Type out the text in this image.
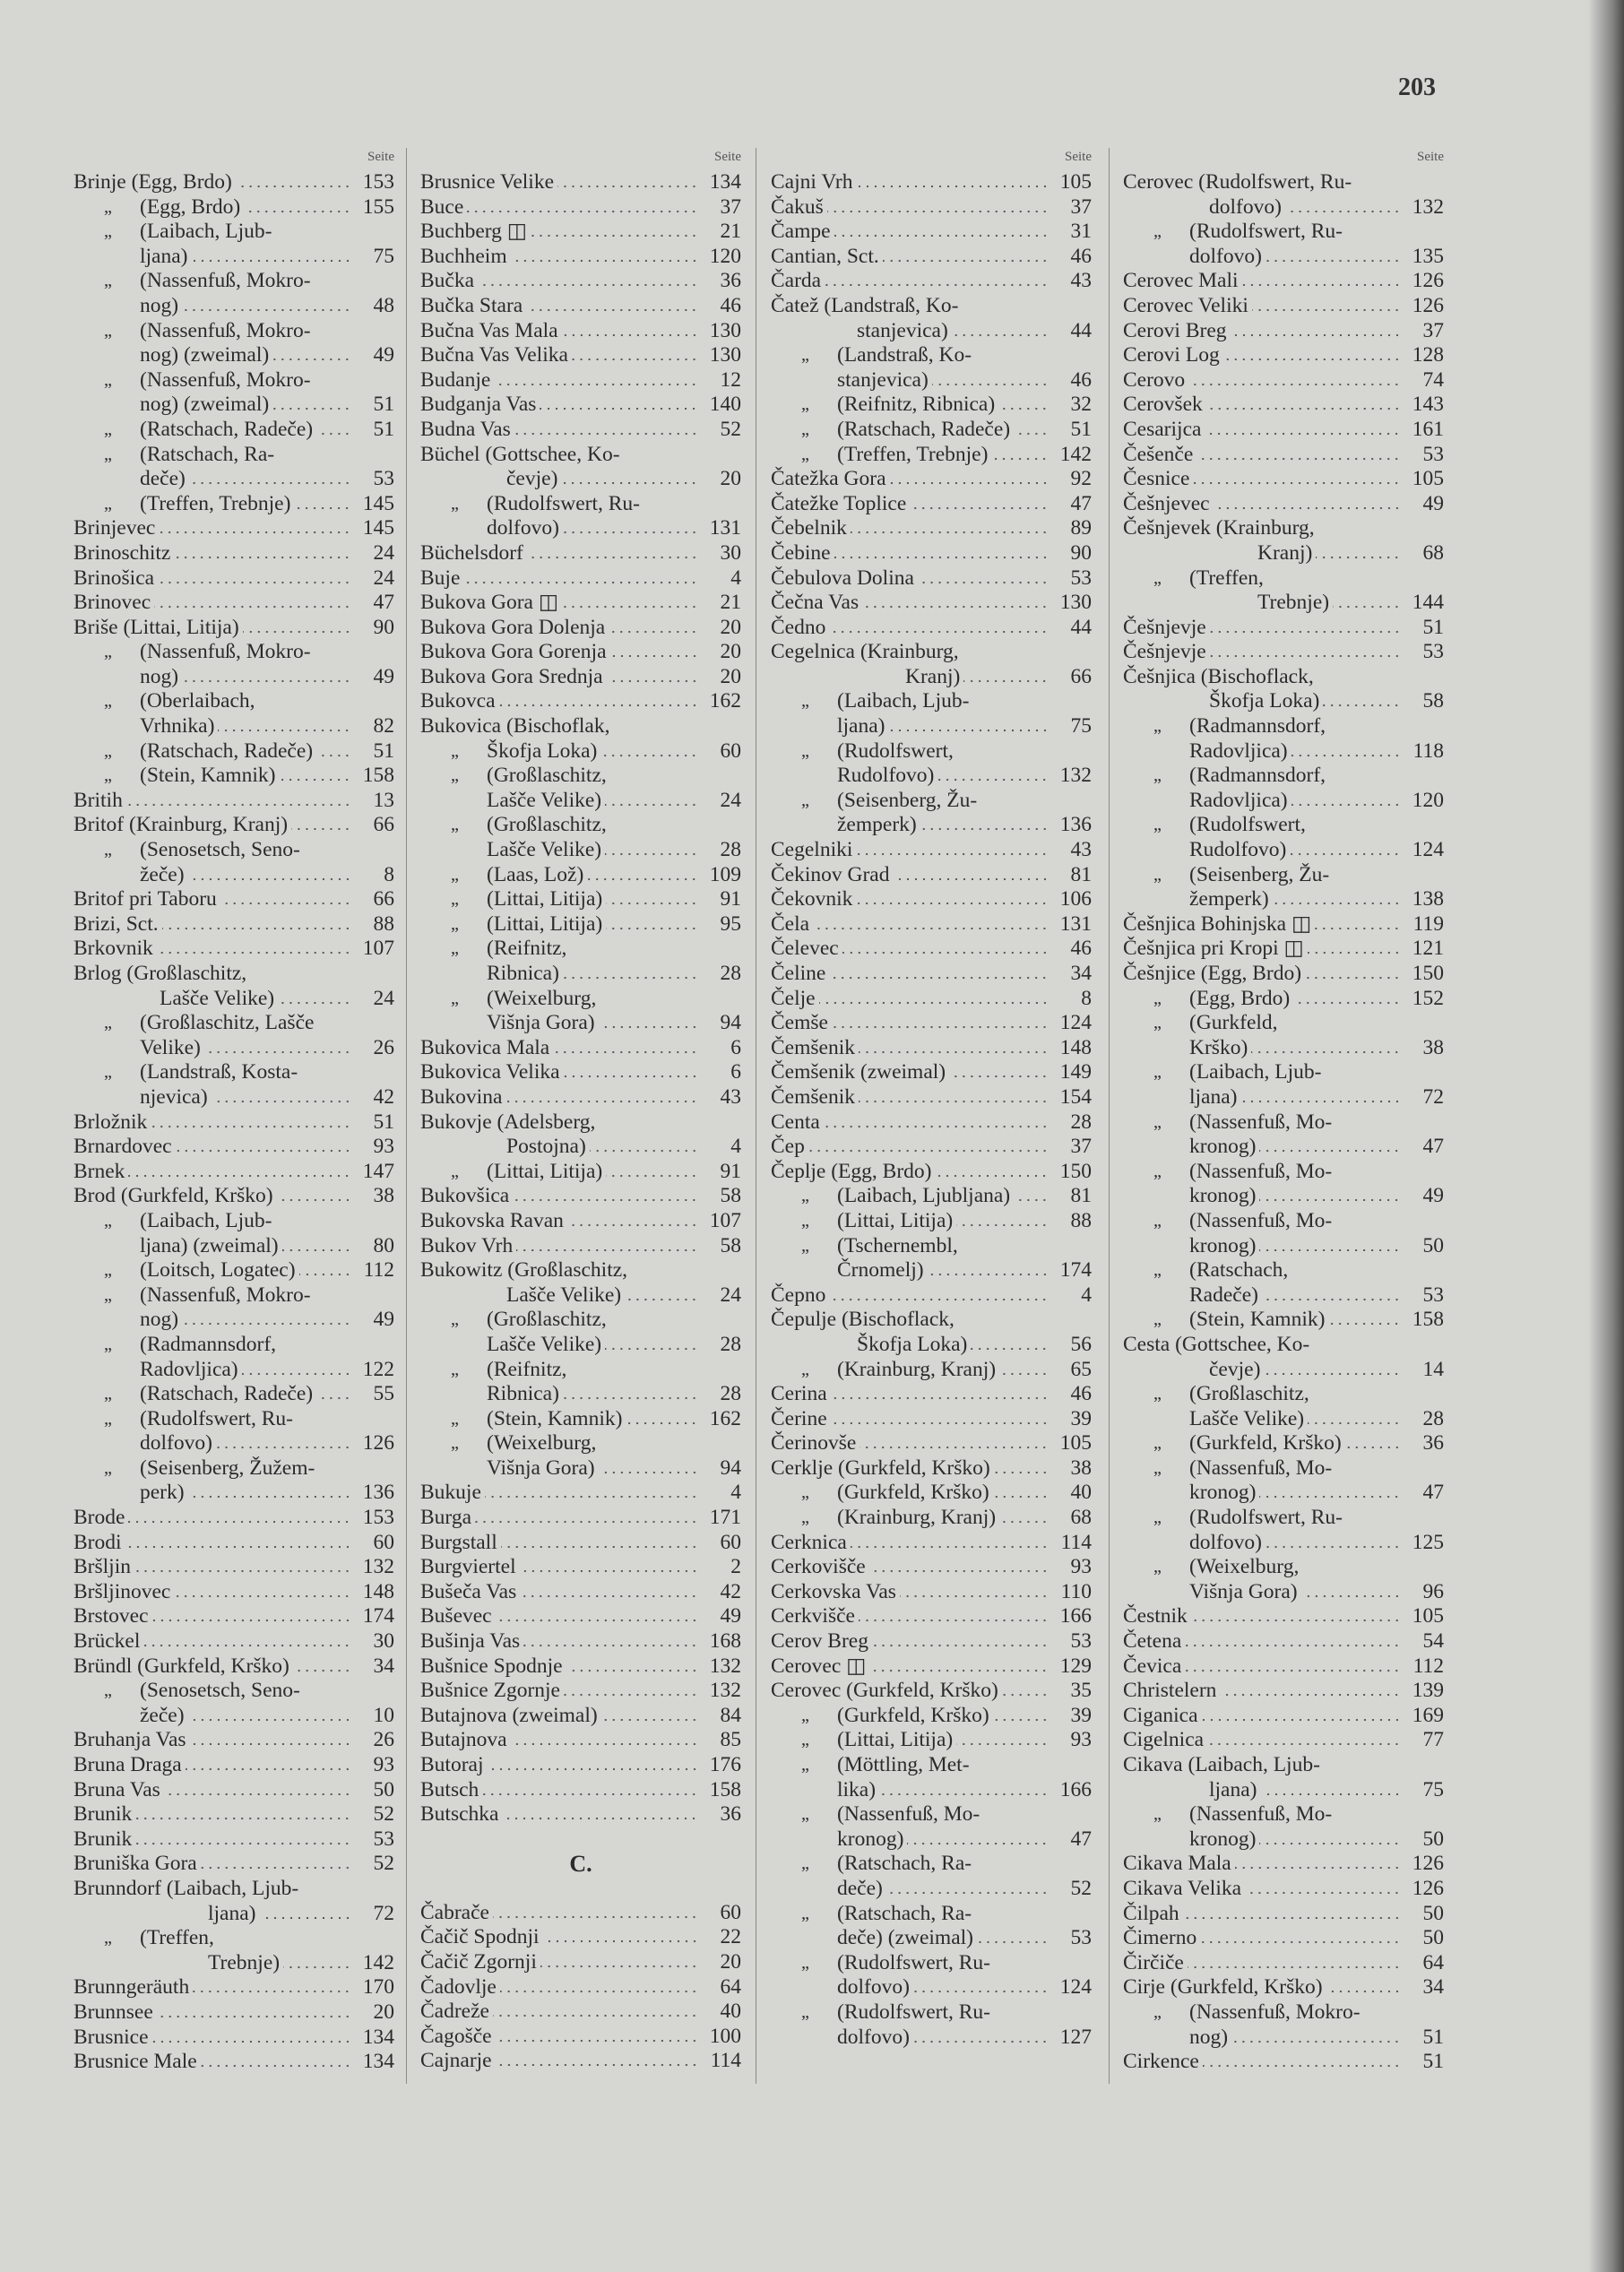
203
Seite
Brinje (Egg, Brdo)	153
„ (Egg, Brdo)	155
„ (Laibach, Ljub-
ljana)	75
„ (Nassenfuß, Mokro-
nog)	48
„ (Nassenfuß, Mokro-
nog) (zweimal)	49
„ (Nassenfuß, Mokro-
nog) (zweimal)	51
„ (Ratschach, Radeče)	51
„ (Ratschach, Ra-
deče)	53
„ (Treffen, Trebnje)	145
Brinjevec	145
Brinoschitz	24
Brinošica	24
Brinovec	47
Briše (Littai, Litija)	90
„ (Nassenfuß, Mokro-
nog)	49
„ (Oberlaibach,
Vrhnika)	82
„ (Ratschach, Radeče)	51
„ (Stein, Kamnik)	158
Britih	13
Britof (Krainburg, Kranj)	66
„ (Senosetsch, Seno-
žeče)	8
Britof pri Taboru	66
Brizi, Sct.	88
Brkovnik	107
Brlog (Großlaschitz,
Lašče Velike)	24
„ (Großlaschitz, Lašče
Velike)	26
„ (Landstraß, Kosta-
njevica)	42
Brložnik	51
Brnardovec	93
Brnek	147
Brod (Gurkfeld, Krško)	38
„ (Laibach, Ljub-
ljana) (zweimal)	80
„ (Loitsch, Logatec)	112
„ (Nassenfuß, Mokro-
nog)	49
„ (Radmannsdorf,
Radovljica)	122
„ (Ratschach, Radeče)	55
„ (Rudolfswert, Ru-
dolfovo)	126
„ (Seisenberg, Žužem-
perk)	136
Brode	153
Brodi	60
Bršljin	132
Bršljinovec	148
Brstovec	174
Brückel	30
Bründl (Gurkfeld, Krško)	34
„ (Senosetsch, Seno-
žeče)	10
Bruhanja Vas	26
Bruna Draga	93
Bruna Vas	50
Brunik	52
Brunik	53
Bruniška Gora	52
Brunndorf (Laibach, Ljub-
ljana)	72
„ (Treffen,
Trebnje)	142
Brunngeräuth	170
Brunnsee	20
Brusnice	134
Brusnice Male	134
Seite
Brusnice Velike	134
Buce	37
Buchberg ◫	21
Buchheim	120
Bučka	36
Bučka Stara	46
Bučna Vas Mala	130
Bučna Vas Velika	130
Budanje	12
Budganja Vas	140
Budna Vas	52
Büchel (Gottschee, Ko-
čevje)	20
„ (Rudolfswert, Ru-
dolfovo)	131
Büchelsdorf	30
Buje	4
Bukova Gora ◫	21
Bukova Gora Dolenja	20
Bukova Gora Gorenja	20
Bukova Gora Srednja	20
Bukovca	162
Bukovica (Bischoflak,
„ Škofja Loka)	60
„ (Großlaschitz,
Lašče Velike)	24
„ (Großlaschitz,
Lašče Velike)	28
„ (Laas, Lož)	109
„ (Littai, Litija)	91
„ (Littai, Litija)	95
„ (Reifnitz,
Ribnica)	28
„ (Weixelburg,
Višnja Gora)	94
Bukovica Mala	6
Bukovica Velika	6
Bukovina	43
Bukovje (Adelsberg,
Postojna)	4
„ (Littai, Litija)	91
Bukovšica	58
Bukovska Ravan	107
Bukov Vrh	58
Bukowitz (Großlaschitz,
Lašče Velike)	24
„ (Großlaschitz,
Lašče Velike)	28
„ (Reifnitz,
Ribnica)	28
„ (Stein, Kamnik)	162
„ (Weixelburg,
Višnja Gora)	94
Bukuje	4
Burga	171
Burgstall	60
Burgviertel	2
Bušeča Vas	42
Buševec	49
Bušinja Vas	168
Bušnice Spodnje	132
Bušnice Zgornje	132
Butajnova (zweimal)	84
Butajnova	85
Butoraj	176
Butsch	158
Butschka	36
C.
Čabrače	60
Čačič Spodnji	22
Čačič Zgornji	20
Čadovlje	64
Čadreže	40
Čagošče	100
Cajnarje	114
Seite
Cajni Vrh	105
Čakuš	37
Čampe	31
Cantian, Sct.	46
Čarda	43
Čatež (Landstraß, Ko-
stanjevica)	44
„ (Landstraß, Ko-
stanjevica)	46
„ (Reifnitz, Ribnica)	32
„ (Ratschach, Radeče)	51
„ (Treffen, Trebnje)	142
Čatežka Gora	92
Čatežke Toplice	47
Čebelnik	89
Čebine	90
Čebulova Dolina	53
Čečna Vas	130
Čedno	44
Cegelnica (Krainburg,
Kranj)	66
„ (Laibach, Ljub-
ljana)	75
„ (Rudolfswert,
Rudolfovo)	132
„ (Seisenberg, Žu-
žemperk)	136
Cegelniki	43
Čekinov Grad	81
Čekovnik	106
Čela	131
Čelevec	46
Čeline	34
Čelje	8
Čemše	124
Čemšenik	148
Čemšenik (zweimal)	149
Čemšenik	154
Centa	28
Čep	37
Čeplje (Egg, Brdo)	150
„ (Laibach, Ljubljana)	81
„ (Littai, Litija)	88
„ (Tschernembl,
Črnomelj)	174
Čepno	4
Čepulje (Bischoflack,
Škofja Loka)	56
„ (Krainburg, Kranj)	65
Cerina	46
Čerine	39
Čerinovše	105
Cerklje (Gurkfeld, Krško)	38
„ (Gurkfeld, Krško)	40
„ (Krainburg, Kranj)	68
Cerknica	114
Cerkovišče	93
Cerkovska Vas	110
Cerkvišče	166
Cerov Breg	53
Cerovec ◫	129
Cerovec (Gurkfeld, Krško)	35
„ (Gurkfeld, Krško)	39
„ (Littai, Litija)	93
„ (Möttling, Met-
lika)	166
„ (Nassenfuß, Mo-
kronog)	47
„ (Ratschach, Ra-
deče)	52
„ (Ratschach, Ra-
deče) (zweimal)	53
„ (Rudolfswert, Ru-
dolfovo)	124
„ (Rudolfswert, Ru-
dolfovo)	127
Seite
Cerovec (Rudolfswert, Ru-
dolfovo)	132
„ (Rudolfswert, Ru-
dolfovo)	135
Cerovec Mali	126
Cerovec Veliki	126
Cerovi Breg	37
Cerovi Log	128
Cerovo	74
Cerovšek	143
Cesarijca	161
Češenče	53
Česnice	105
Češnjevec	49
Češnjevek (Krainburg,
Kranj)	68
„ (Treffen,
Trebnje)	144
Češnjevje	51
Češnjevje	53
Češnjica (Bischoflack,
Škofja Loka)	58
„ (Radmannsdorf,
Radovljica)	118
„ (Radmannsdorf,
Radovljica)	120
„ (Rudolfswert,
Rudolfovo)	124
„ (Seisenberg, Žu-
žemperk)	138
Češnjica Bohinjska ◫	119
Češnjica pri Kropi ◫	121
Češnjice (Egg, Brdo)	150
„ (Egg, Brdo)	152
„ (Gurkfeld,
Krško)	38
„ (Laibach, Ljub-
ljana)	72
„ (Nassenfuß, Mo-
kronog)	47
„ (Nassenfuß, Mo-
kronog)	49
„ (Nassenfuß, Mo-
kronog)	50
„ (Ratschach,
Radeče)	53
„ (Stein, Kamnik)	158
Cesta (Gottschee, Ko-
čevje)	14
„ (Großlaschitz,
Lašče Velike)	28
„ (Gurkfeld, Krško)	36
„ (Nassenfuß, Mo-
kronog)	47
„ (Rudolfswert, Ru-
dolfovo)	125
„ (Weixelburg,
Višnja Gora)	96
Čestnik	105
Četena	54
Čevica	112
Christelern	139
Ciganica	169
Cigelnica	77
Cikava (Laibach, Ljub-
ljana)	75
„ (Nassenfuß, Mo-
kronog)	50
Cikava Mala	126
Cikava Velika	126
Čilpah	50
Čimerno	50
Čirčiče	64
Cirje (Gurkfeld, Krško)	34
„ (Nassenfuß, Mokro-
nog)	51
Cirkence	51
